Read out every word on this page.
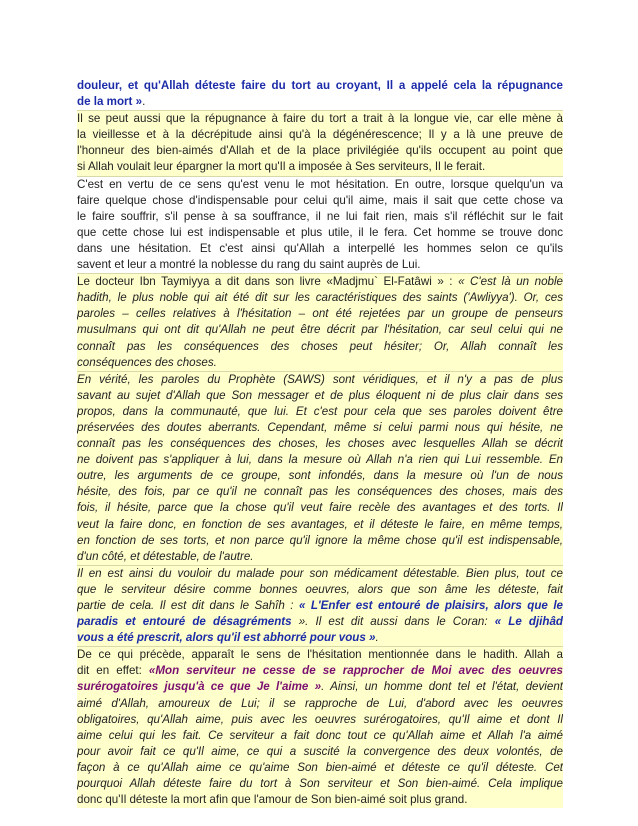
douleur, et qu'Allah déteste faire du tort au croyant, Il a appelé cela la répugnance
de la mort ».
Il se peut aussi que la répugnance à faire du tort a trait à la longue vie, car elle mène à
la vieillesse et à la décrépitude ainsi qu'à la dégénérescence; Il y a là une preuve de
l'honneur des bien-aimés d'Allah et de la place privilégiée qu'ils occupent au point que
si Allah voulait leur épargner la mort qu'Il a imposée à Ses serviteurs, Il le ferait.
C'est en vertu de ce sens qu'est venu le mot hésitation. En outre, lorsque quelqu'un va
faire quelque chose d'indispensable pour celui qu'il aime, mais il sait que cette chose va
le faire souffrir, s'il pense à sa souffrance, il ne lui fait rien, mais s'il réfléchit sur le fait
que cette chose lui est indispensable et plus utile, il le fera. Cet homme se trouve donc
dans une hésitation. Et c'est ainsi qu'Allah a interpellé les hommes selon ce qu'ils
savent et leur a montré la noblesse du rang du saint auprès de Lui.
Le docteur Ibn Taymiyya a dit dans son livre «Madjmu` El-Fatâwi » : « C'est là un noble
hadith, le plus noble qui ait été dit sur les caractéristiques des saints ('Awliyya'). Or, ces
paroles – celles relatives à l'hésitation – ont été rejetées par un groupe de penseurs
musulmans qui ont dit qu'Allah ne peut être décrit par l'hésitation, car seul celui qui ne
connaît pas les conséquences des choses peut hésiter; Or, Allah connaît les
conséquences des choses.
En vérité, les paroles du Prophète (SAWS) sont véridiques, et il n'y a pas de plus
savant au sujet d'Allah que Son messager et de plus éloquent ni de plus clair dans ses
propos, dans la communauté, que lui. Et c'est pour cela que ses paroles doivent être
préservées des doutes aberrants. Cependant, même si celui parmi nous qui hésite, ne
connaît pas les conséquences des choses, les choses avec lesquelles Allah se décrit
ne doivent pas s'appliquer à lui, dans la mesure où Allah n'a rien qui Lui ressemble. En
outre, les arguments de ce groupe, sont infondés, dans la mesure où l'un de nous
hésite, des fois, par ce qu'il ne connaît pas les conséquences des choses, mais des
fois, il hésite, parce que la chose qu'il veut faire recèle des avantages et des torts. Il
veut la faire donc, en fonction de ses avantages, et il déteste le faire, en même temps,
en fonction de ses torts, et non parce qu'il ignore la même chose qu'il est indispensable,
d'un côté, et détestable, de l'autre.
Il en est ainsi du vouloir du malade pour son médicament détestable. Bien plus, tout ce
que le serviteur désire comme bonnes oeuvres, alors que son âme les déteste, fait
partie de cela. Il est dit dans le Sahîh : « L'Enfer est entouré de plaisirs, alors que le
paradis et entouré de désagréments ». Il est dit aussi dans le Coran: « Le djihâd
vous a été prescrit, alors qu'il est abhorré pour vous ».
De ce qui précède, apparaît le sens de l'hésitation mentionnée dans le hadith. Allah a
dit en effet: «Mon serviteur ne cesse de se rapprocher de Moi avec des oeuvres
surérogatoires jusqu'à ce que Je l'aime ». Ainsi, un homme dont tel et l'état, devient
aimé d'Allah, amoureux de Lui; il se rapproche de Lui, d'abord avec les oeuvres
obligatoires, qu'Allah aime, puis avec les oeuvres surérogatoires, qu'Il aime et dont Il
aime celui qui les fait. Ce serviteur a fait donc tout ce qu'Allah aime et Allah l'a aimé
pour avoir fait ce qu'Il aime, ce qui a suscité la convergence des deux volontés, de
façon à ce qu'Allah aime ce qu'aime Son bien-aimé et déteste ce qu'il déteste. Cet
pourquoi Allah déteste faire du tort à Son serviteur et Son bien-aimé. Cela implique
donc qu'Il déteste la mort afin que l'amour de Son bien-aimé soit plus grand.
